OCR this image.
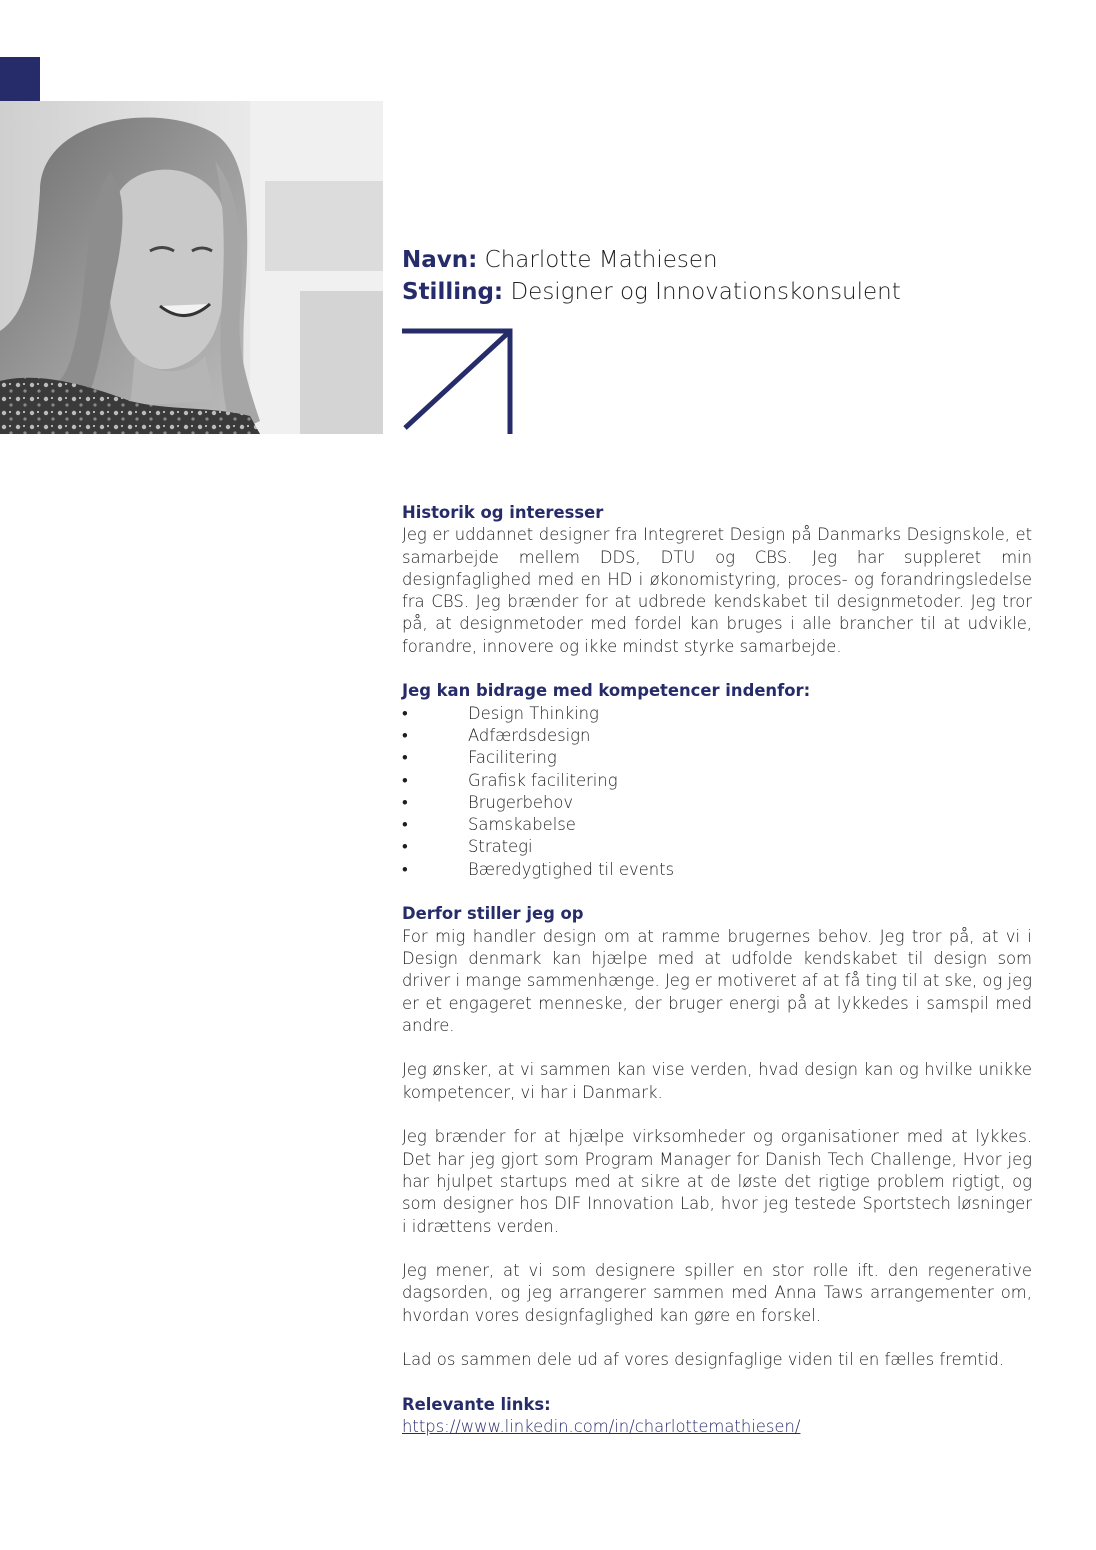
Navn: Charlotte Mathiesen
Stilling: Designer og Innovationskonsulent
Historik og interesser

Jeg er uddannet designer fra Integreret Design på Danmarks Designskole, et samarbejde mellem DDS, DTU og CBS. Jeg har suppleret min designfaglighed med en HD i økonomistyring, proces- og forandringsledelse fra CBS. Jeg brænder for at udbrede kendskabet til designmetoder. Jeg tror på, at designmetoder med fordel kan bruges i alle brancher til at udvikle, forandre, innovere og ikke mindst styrke samarbejde.

Jeg kan bidrage med kompetencer indenfor:
•	Design Thinking
•	Adfærdsdesign
•	Facilitering
•	Grafisk facilitering
•	Brugerbehov
•	Samskabelse
•	Strategi
•	Bæredygtighed til events
Derfor stiller jeg op

For mig handler design om at ramme brugernes behov. Jeg tror på, at vi i Design denmark kan hjælpe med at udfolde kendskabet til design som driver i mange sammenhænge. Jeg er motiveret af at få ting til at ske, og jeg er et engageret menneske, der bruger energi på at lykkedes i samspil med andre.

Jeg ønsker, at vi sammen kan vise verden, hvad design kan og hvilke unikke kompetencer, vi har i Danmark.

Jeg brænder for at hjælpe virksomheder og organisationer med at lykkes. Det har jeg gjort som Program Manager for Danish Tech Challenge, Hvor jeg har hjulpet startups med at sikre at de løste det rigtige problem rigtigt, og som designer hos DIF Innovation Lab, hvor jeg testede Sportstech løsninger i idrættens verden.

Jeg mener, at vi som designere spiller en stor rolle ift. den regenerative dagsorden, og jeg arrangerer sammen med Anna Taws arrangementer om, hvordan vores designfaglighed kan gøre en forskel.

Lad os sammen dele ud af vores designfaglige viden til en fælles fremtid.

Relevante links:
https://www.linkedin.com/in/charlottemathiesen/
